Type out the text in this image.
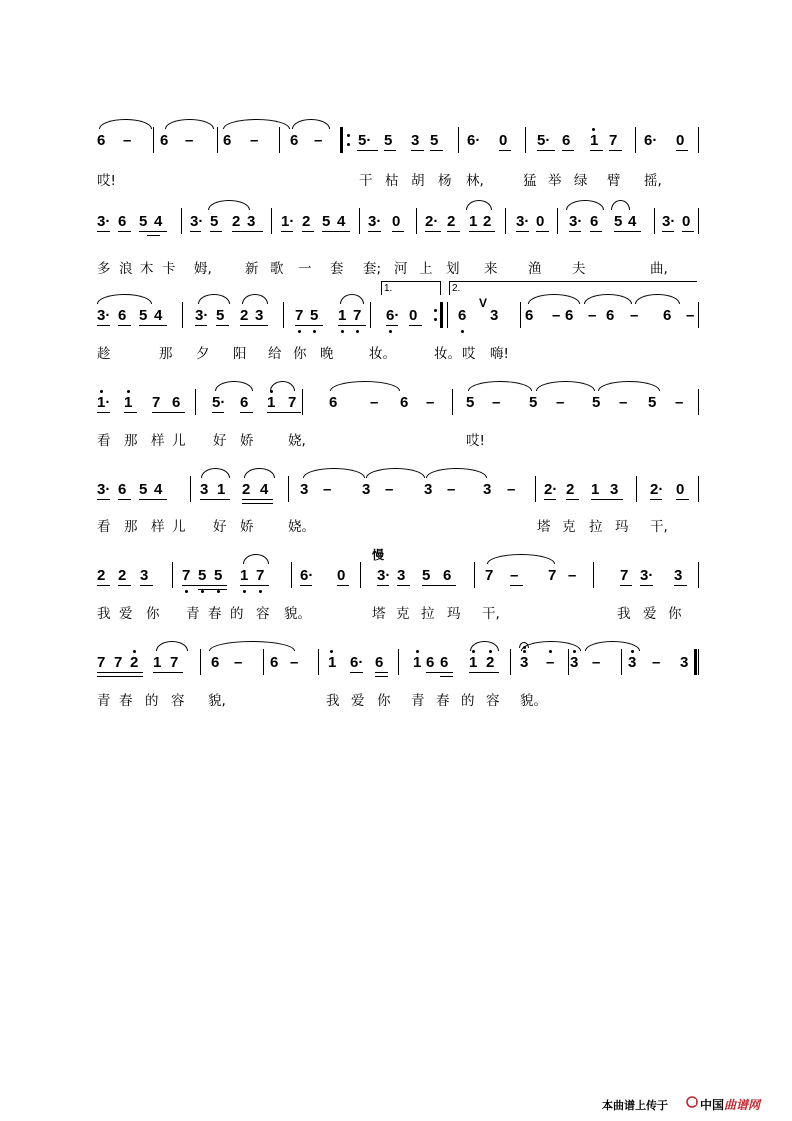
6 – 6 – 6 – 6 – 5· 5 3 5 6· 0 5· 6 1 7 6· 0
哎!	干 枯 胡 杨 林,	猛 举 绿 臂 摇,
3· 6 5 4 3· 5 2 3 1· 2 5 4 3· 0 2· 2 1 2 3· 0 3· 6 5 4 3· 0
多 浪 木 卡 姆, 新 歌 一 套 套; 河 上 划 来 渔 夫	曲,
3· 6 5 4 3· 5 2 3 7 5 1 7 6· 0	6 3 6 – 6 – 6 – 6 –
趁	那 夕 阳 给 你 晚	妆。	妆。 哎 嗨!
1· 1 7 6 5· 6 1 7 6 – 6 – 5 – 5 – 5 – 5 –
看 那 样 儿 好 娇	娆,	哎!
3· 6 5 4	3 1 2 4 3 – 3 – 3 – 3 – 2· 2 1 3 2· 0
看 那 样 儿 好 娇	娆。	塔 克 拉 玛 干,
2 2 3 7 5 5 1 7 6· 0 3· 3 5 6 7 – 7 –	7 3· 3
我 爱 你 青 春 的 容 貌。	塔 克 拉 玛 干,	我 爱 你
7 7 2 1 7 6 – 6 – 1 6· 6 1 6 6 1 2 3 – 3 – 3 – 3
青 春 的 容 貌,	我 爱 你 青 春 的 容 貌。
1.	2.
V
慢
本曲谱上传于	中国曲谱网
